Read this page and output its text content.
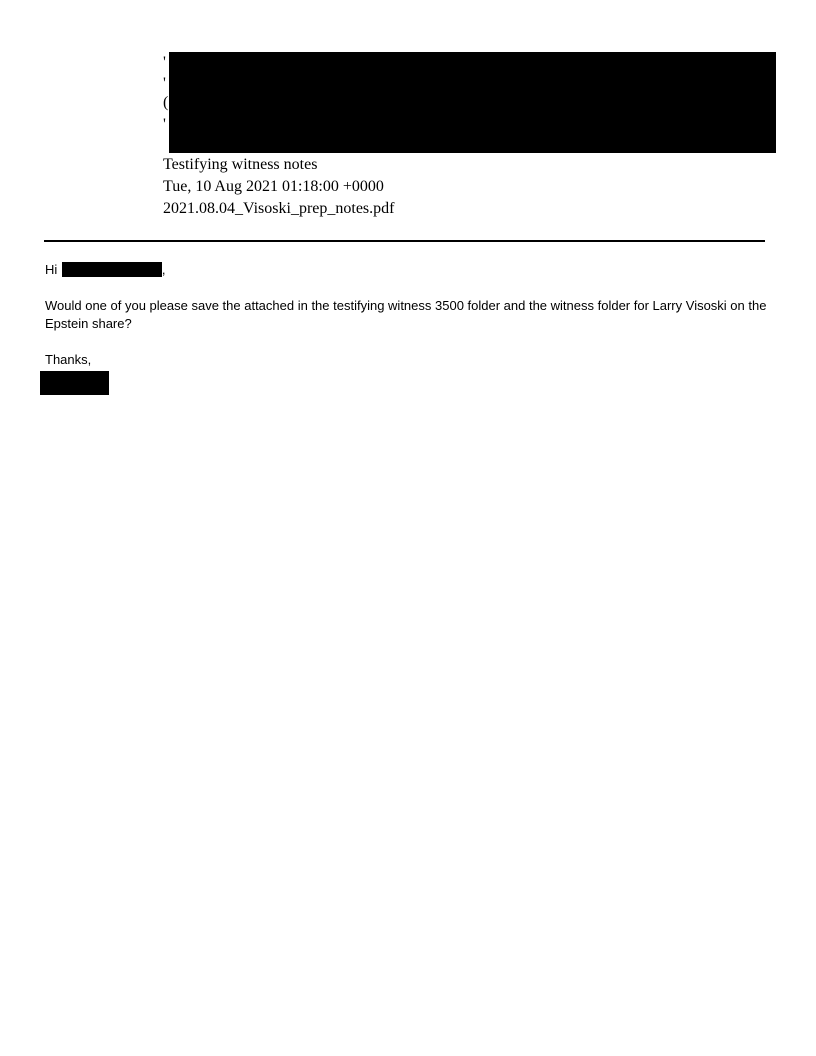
'
'
(
'
Testifying witness notes
Tue, 10 Aug 2021 01:18:00 +0000
2021.08.04_Visoski_prep_notes.pdf
Hi	,
Would one of you please save the attached in the testifying witness 3500 folder and the witness folder for Larry Visoski on the Epstein share?
Thanks,
